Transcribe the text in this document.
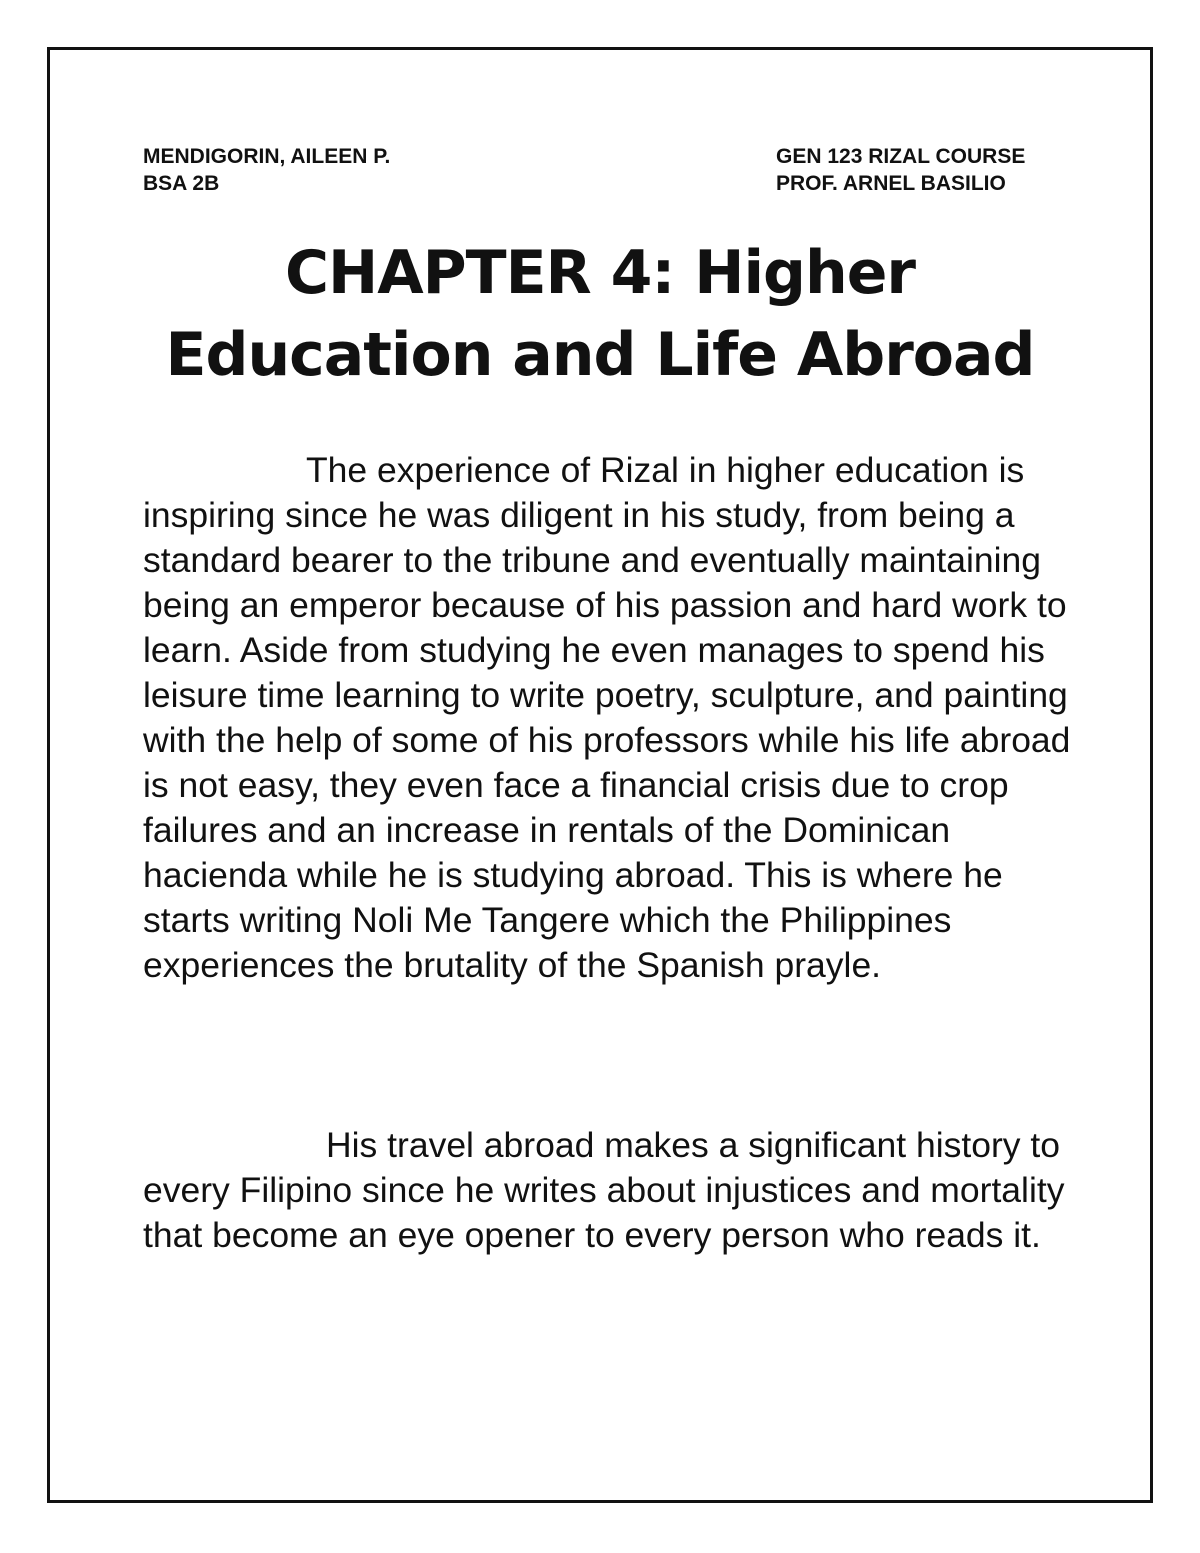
MENDIGORIN, AILEEN P.
BSA 2B
GEN 123 RIZAL COURSE
PROF. ARNEL BASILIO
CHAPTER 4: Higher
Education and Life Abroad

The experience of Rizal in higher education is inspiring since he was diligent in his study, from being a standard bearer to the tribune and eventually maintaining being an emperor because of his passion and hard work to learn. Aside from studying he even manages to spend his leisure time learning to write poetry, sculpture, and painting with the help of some of his professors while his life abroad is not easy, they even face a financial crisis due to crop failures and an increase in rentals of the Dominican hacienda while he is studying abroad. This is where he starts writing Noli Me Tangere which the Philippines experiences the brutality of the Spanish prayle.

His travel abroad makes a significant history to every Filipino since he writes about injustices and mortality that become an eye opener to every person who reads it.
